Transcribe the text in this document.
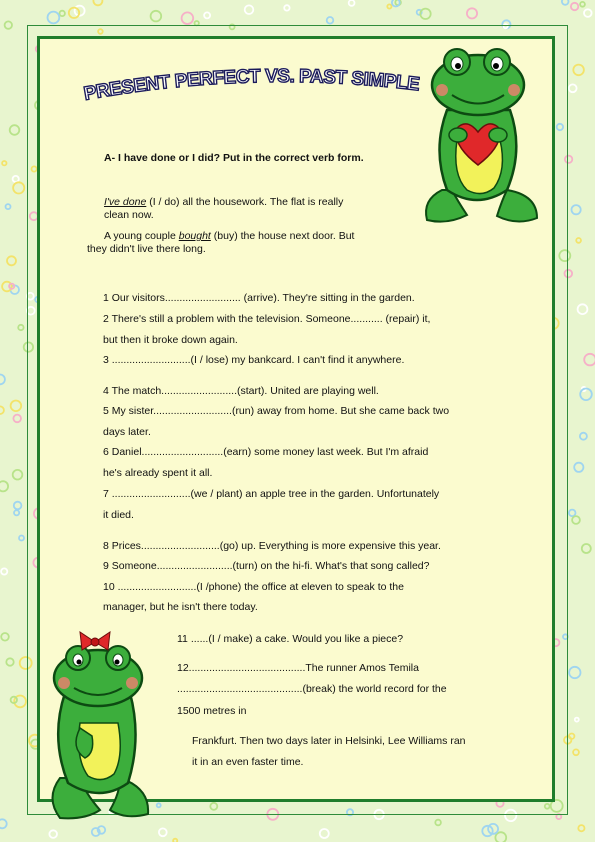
PRESENT PERFECT VS. PAST SIMPLE
A- I have done or I did? Put in the correct verb form.
I've done (I / do) all the housework. The flat is really
clean now.
A young couple bought (buy) the house next door. But
they didn't live there long.
1 Our visitors.......................... (arrive). They're sitting in the garden.
2 There's still a problem with the television. Someone........... (repair) it,
but then it broke down again.
3 ...........................(I / lose) my bankcard. I can't find it anywhere.
4 The match..........................(start). United are playing well.
5 My sister...........................(run) away from home. But she came back two
days later.
6 Daniel............................(earn) some money last week. But I'm afraid
he's already spent it all.
7 ...........................(we / plant) an apple tree in the garden. Unfortunately
it died.
8 Prices...........................(go) up. Everything is more expensive this year.
9 Someone..........................(turn) on the hi-fi. What's that song called?
10 ...........................(I /phone) the office at eleven to speak to the
manager, but he isn't there today.
11 ......(I / make) a cake. Would you like a piece?
12........................................The runner Amos Temila
...........................................(break) the world record for the
1500 metres in
Frankfurt. Then two days later in Helsinki, Lee Williams ran
it in an even faster time.
